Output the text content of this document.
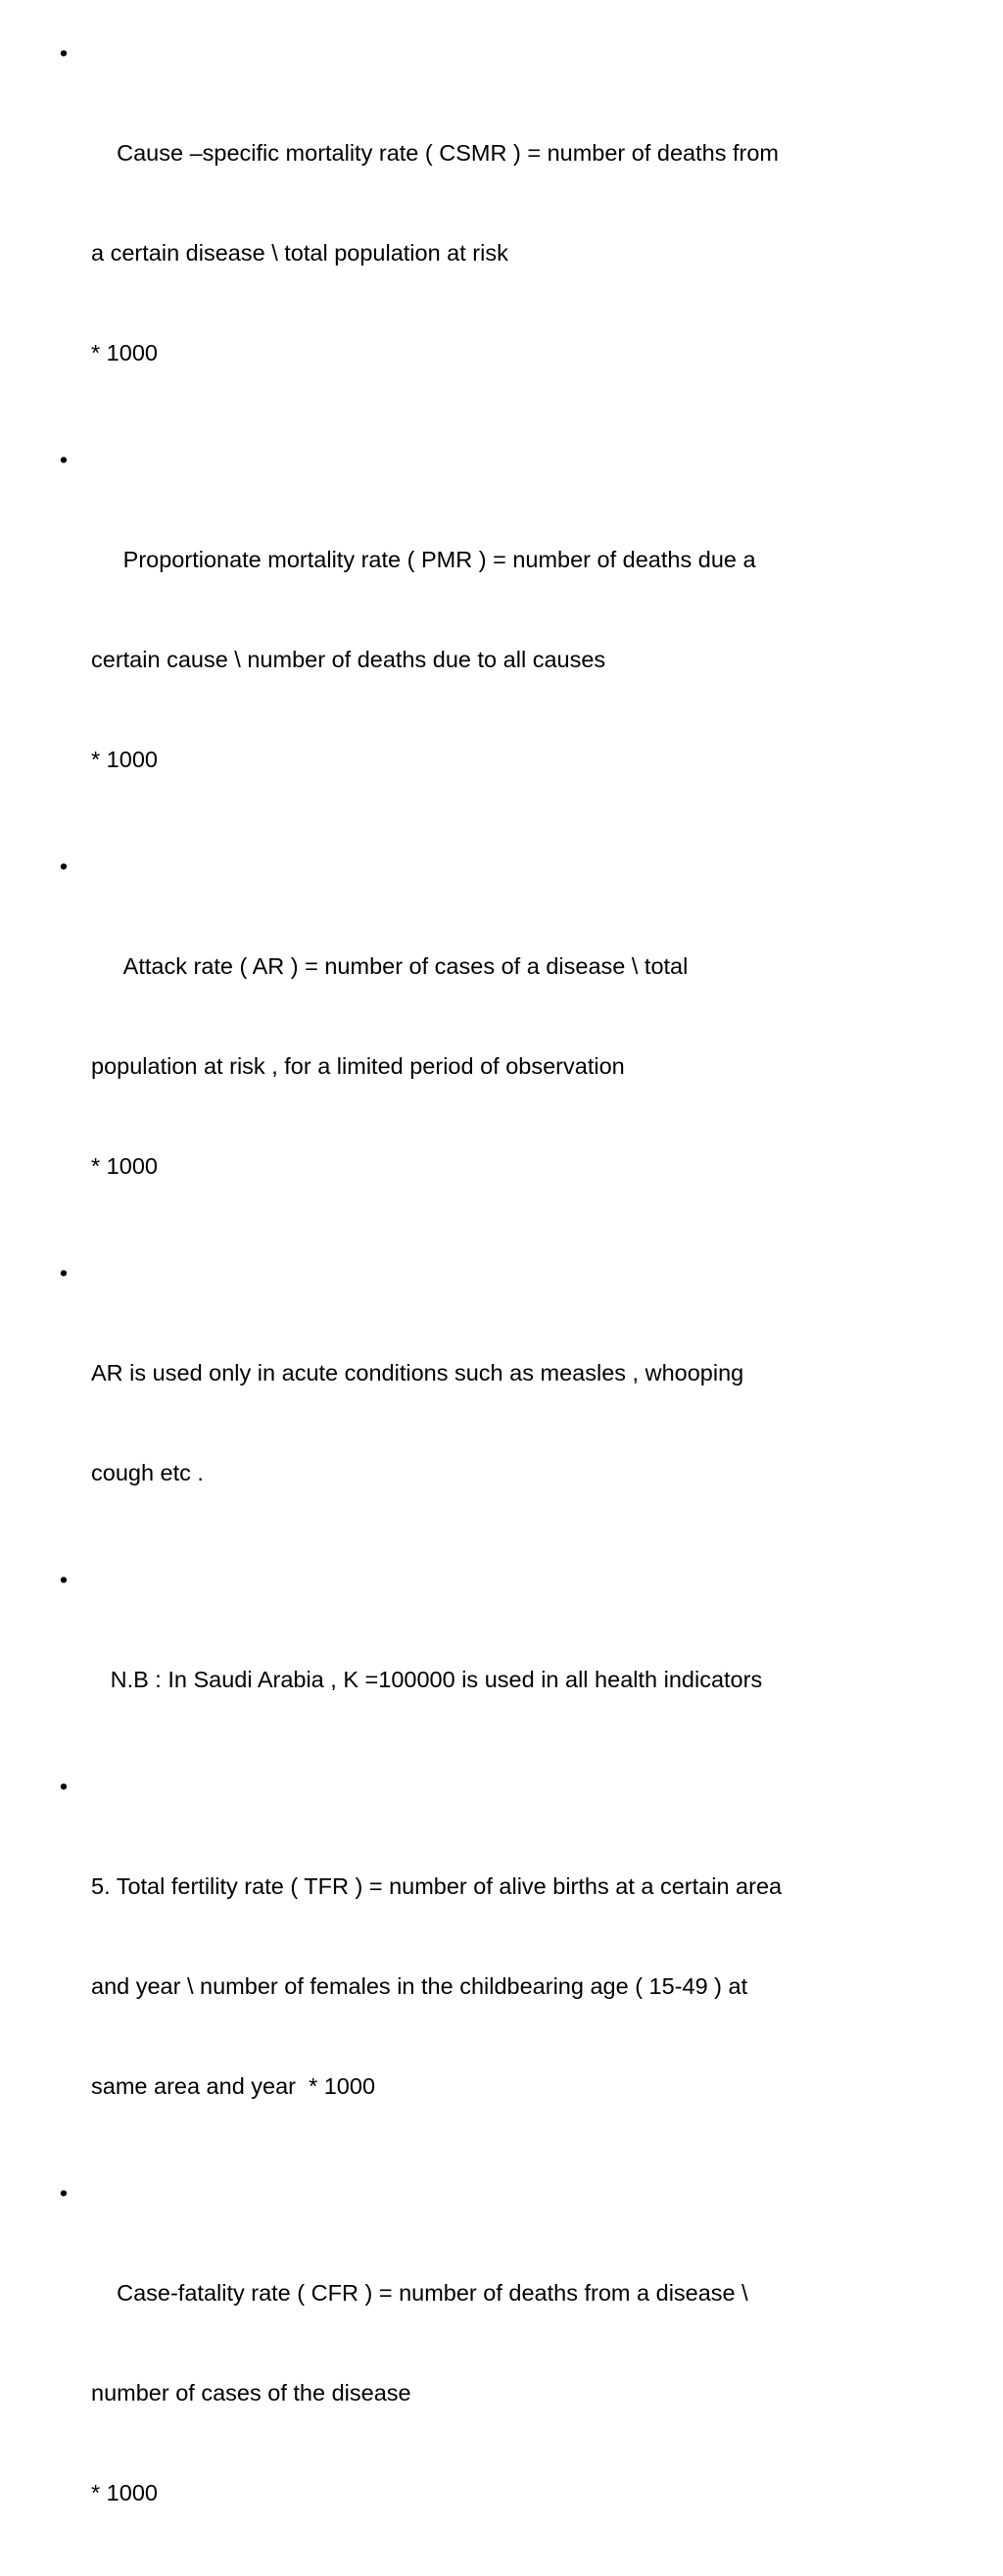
•

Cause –specific mortality rate ( CSMR ) = number of deaths from

a certain disease \ total population at risk

* 1000

•

Proportionate mortality rate ( PMR ) = number of deaths due a

certain cause \ number of deaths due to all causes

* 1000

•

Attack rate ( AR ) = number of cases of a disease \ total

population at risk , for a limited period of observation

* 1000

•

AR is used only in acute conditions such as measles , whooping

cough etc .

•

N.B : In Saudi Arabia , K =100000 is used in all health indicators

•

5. Total fertility rate ( TFR ) = number of alive births at a certain area

and year \ number of females in the childbearing age ( 15-49 ) at

same area and year  * 1000

•

Case-fatality rate ( CFR ) = number of deaths from a disease \

number of cases of the disease

* 1000
